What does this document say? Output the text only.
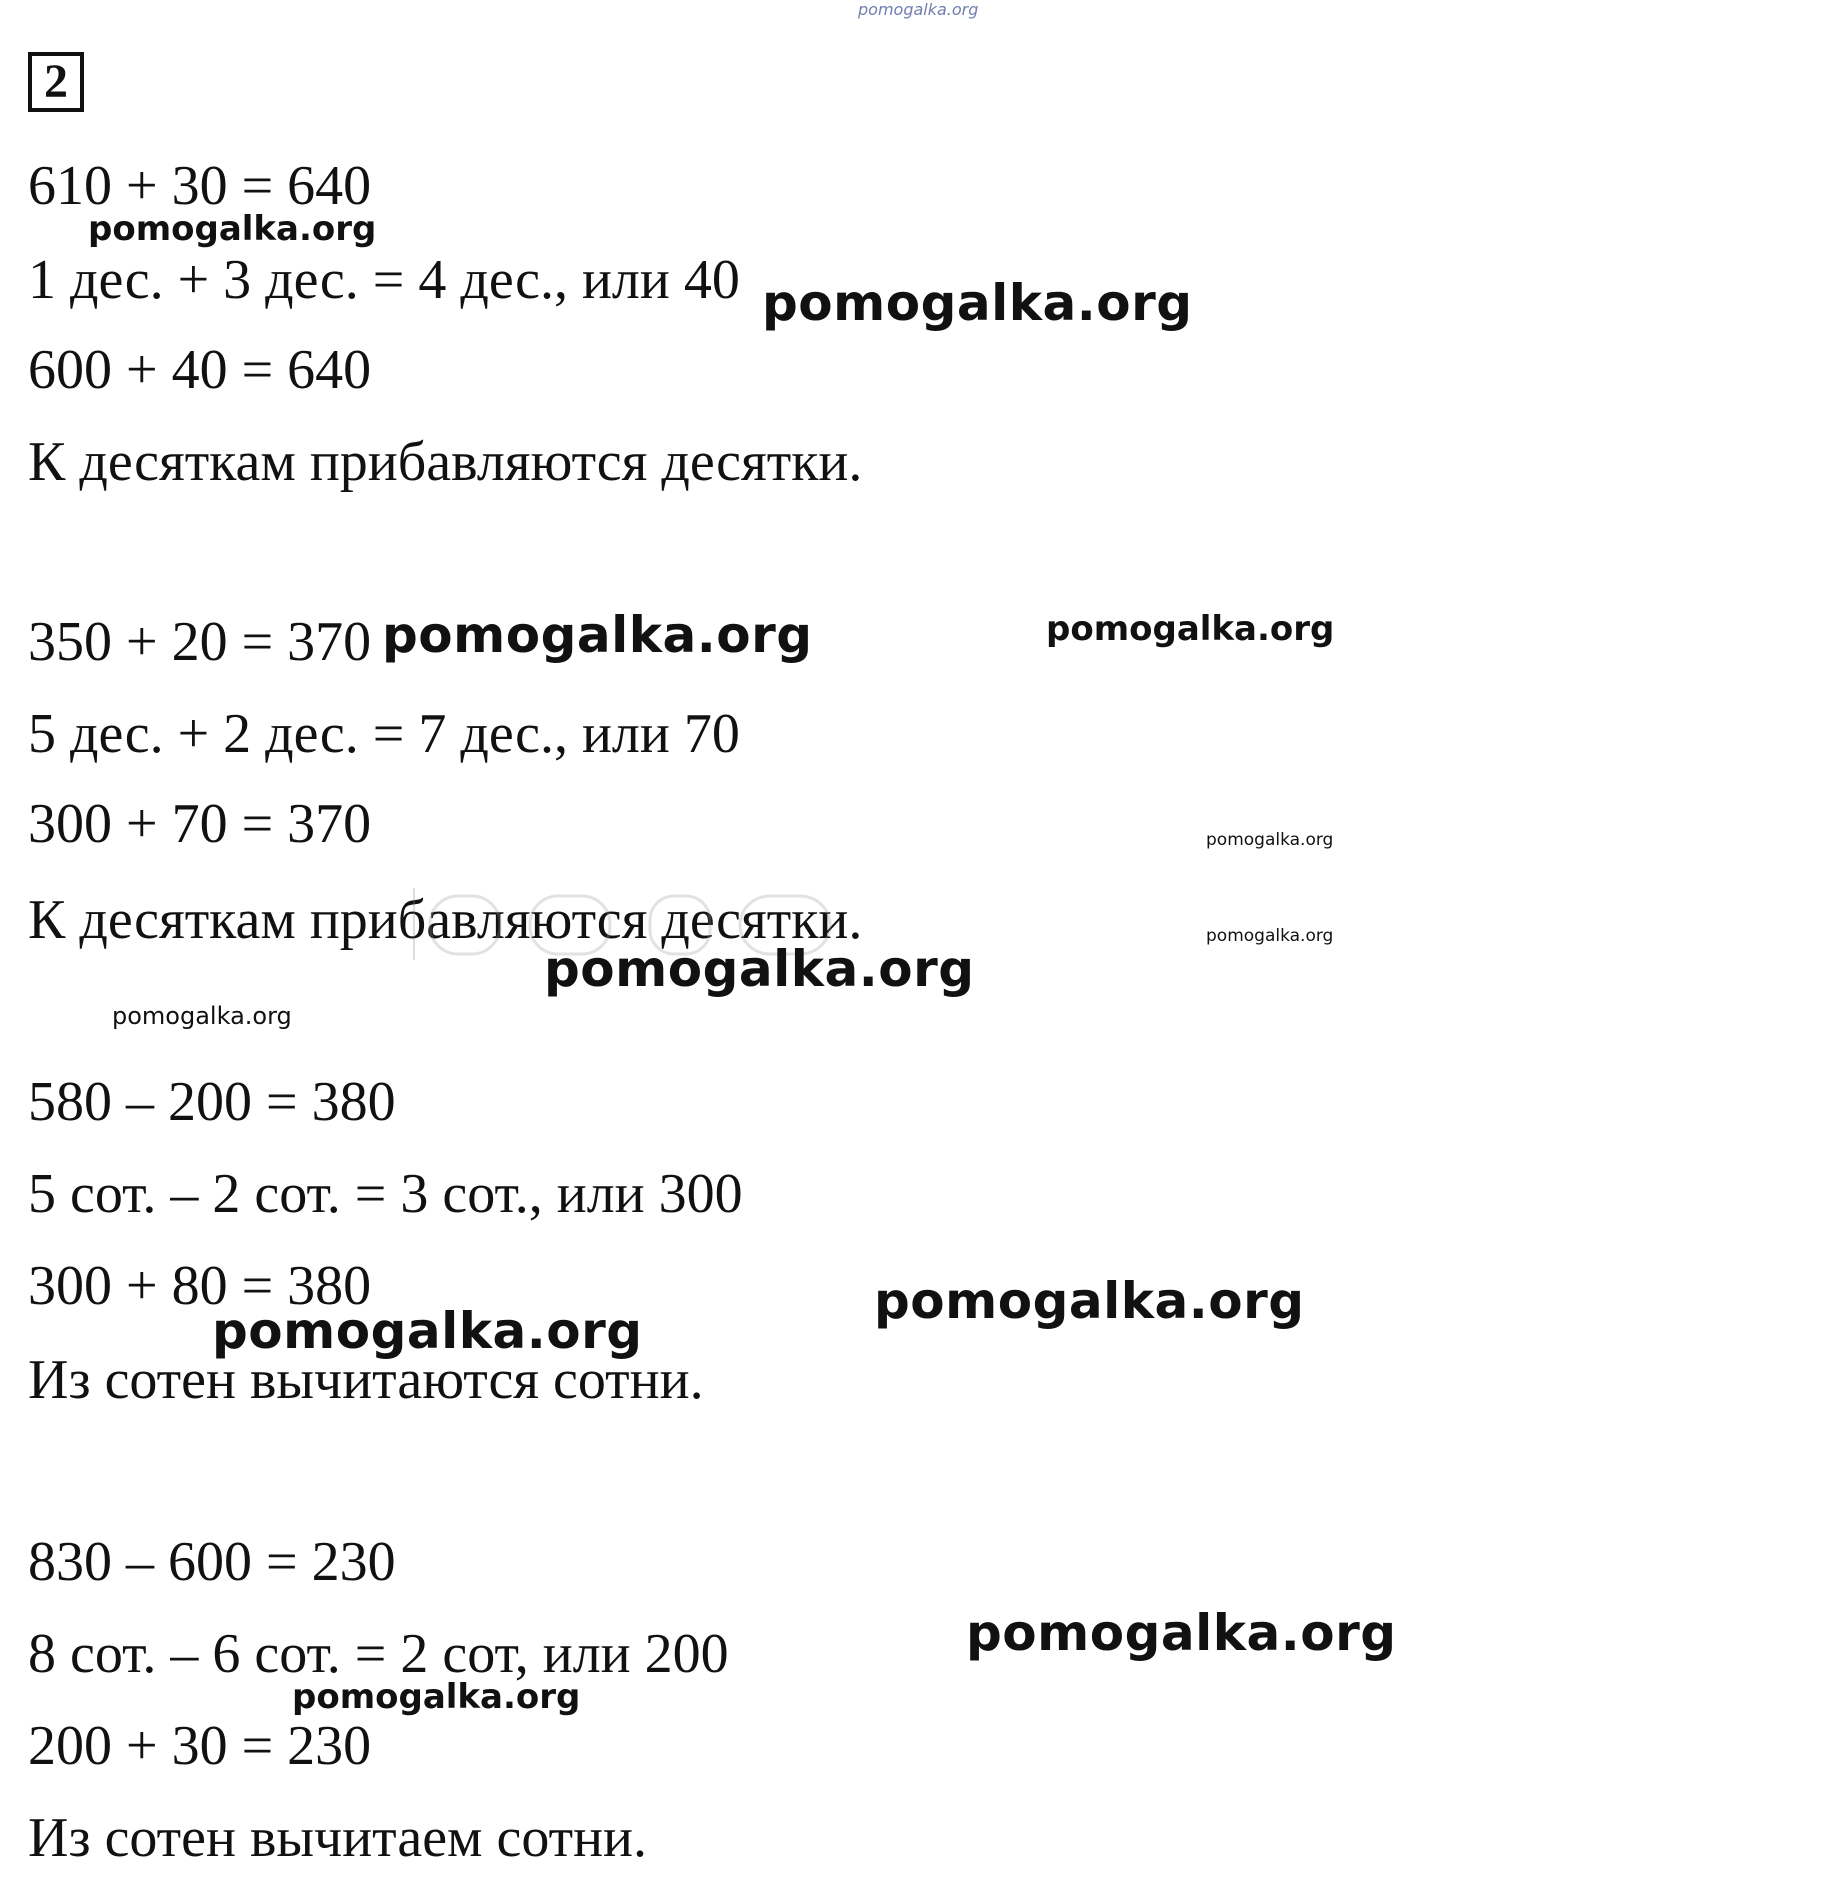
pomogalka.org
2
610 + 30 = 640
1 дес. + 3 дес. = 4 дес., или 40
600 + 40 = 640
К десяткам прибавляются десятки.
350 + 20 = 370
5 дес. + 2 дес. = 7 дес., или 70
300 + 70 = 370
К десяткам прибавляются десятки.
580 – 200 = 380
5 сот. – 2 сот. = 3 сот., или 300
300 + 80 = 380
Из сотен вычитаются сотни.
830 – 600 = 230
8 сот. – 6 сот. = 2 сот, или 200
200 + 30 = 230
Из сотен вычитаем сотни.
pomogalka.org
pomogalka.org
pomogalka.org	pomogalka.org
pomogalka.org
pomogalka.org
pomogalka.org
pomogalka.org
pomogalka.org
pomogalka.org
pomogalka.org
pomogalka.org
